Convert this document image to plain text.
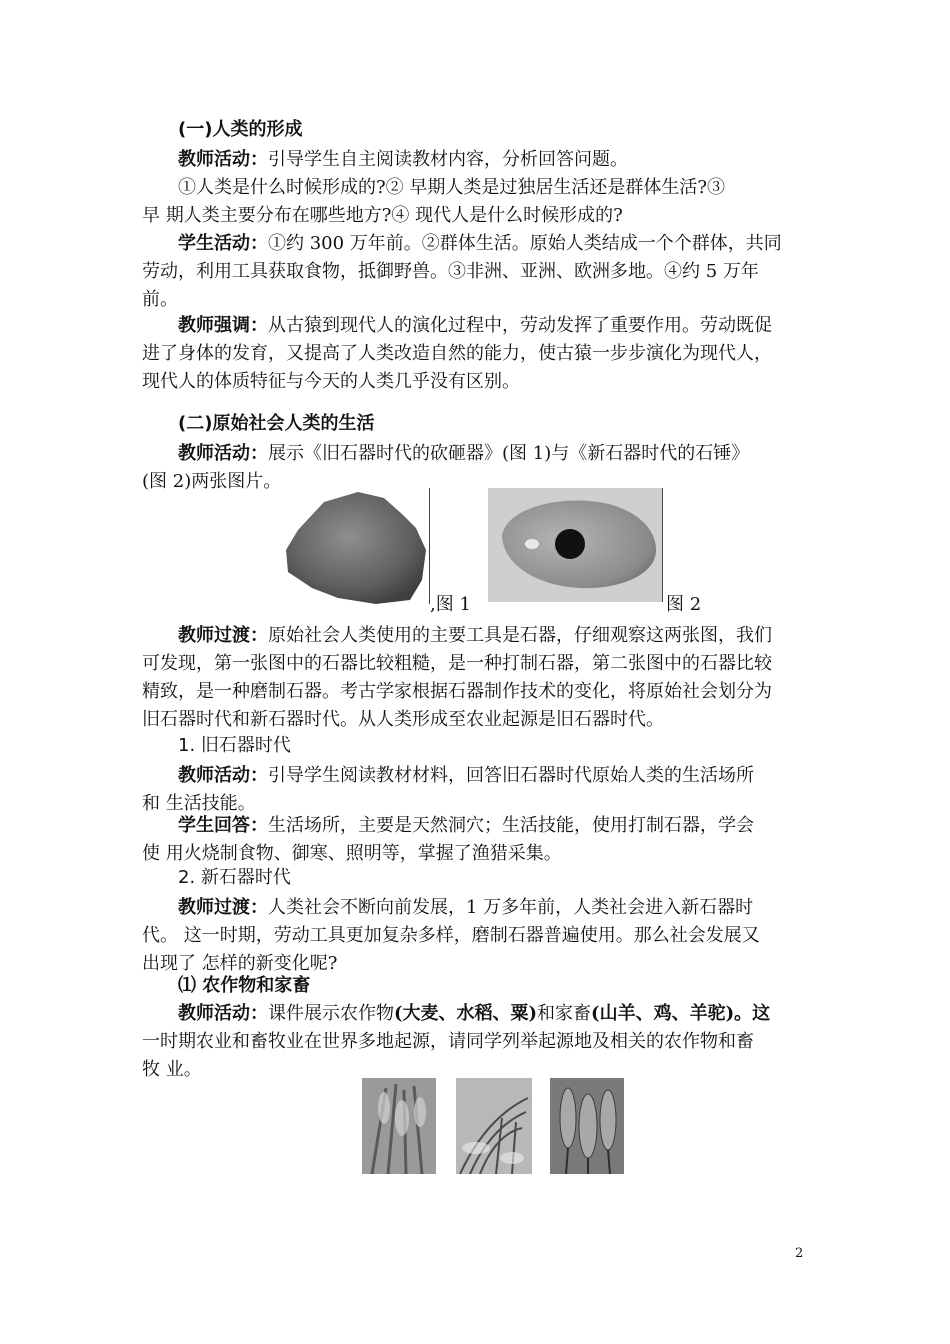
(一)人类的形成
教师活动：引导学生自主阅读教材内容，分析回答问题。
①人类是什么时候形成的?② 早期人类是过独居生活还是群体生活?③
早 期人类主要分布在哪些地方?④ 现代人是什么时候形成的?
学生活动：①约 300 万年前。②群体生活。原始人类结成一个个群体，共同
劳动，利用工具获取食物，抵御野兽。③非洲、亚洲、欧洲多地。④约 5 万年
前。
教师强调：从古猿到现代人的演化过程中，劳动发挥了重要作用。劳动既促
进了身体的发育，又提高了人类改造自然的能力，使古猿一步步演化为现代人，
现代人的体质特征与今天的人类几乎没有区别。
(二)原始社会人类的生活
教师活动：展示《旧石器时代的砍砸器》(图 1)与《新石器时代的石锤》
(图 2)两张图片。
,图 1	图 2
教师过渡：原始社会人类使用的主要工具是石器，仔细观察这两张图，我们
可发现，第一张图中的石器比较粗糙，是一种打制石器，第二张图中的石器比较
精致，是一种磨制石器。考古学家根据石器制作技术的变化，将原始社会划分为
旧石器时代和新石器时代。从人类形成至农业起源是旧石器时代。
1. 旧石器时代
教师活动：引导学生阅读教材材料，回答旧石器时代原始人类的生活场所
和 生活技能。
学生回答：生活场所，主要是天然洞穴；生活技能，使用打制石器，学会
使 用火烧制食物、御寒、照明等，掌握了渔猎采集。
2. 新石器时代
教师过渡：人类社会不断向前发展，1 万多年前，人类社会进入新石器时
代。 这一时期，劳动工具更加复杂多样，磨制石器普遍使用。那么社会发展又
出现了 怎样的新变化呢?
⑴ 农作物和家畜
教师活动：课件展示农作物(大麦、水稻、粟)和家畜(山羊、鸡、羊驼)。这
一时期农业和畜牧业在世界多地起源，请同学列举起源地及相关的农作物和畜
牧 业。
2
